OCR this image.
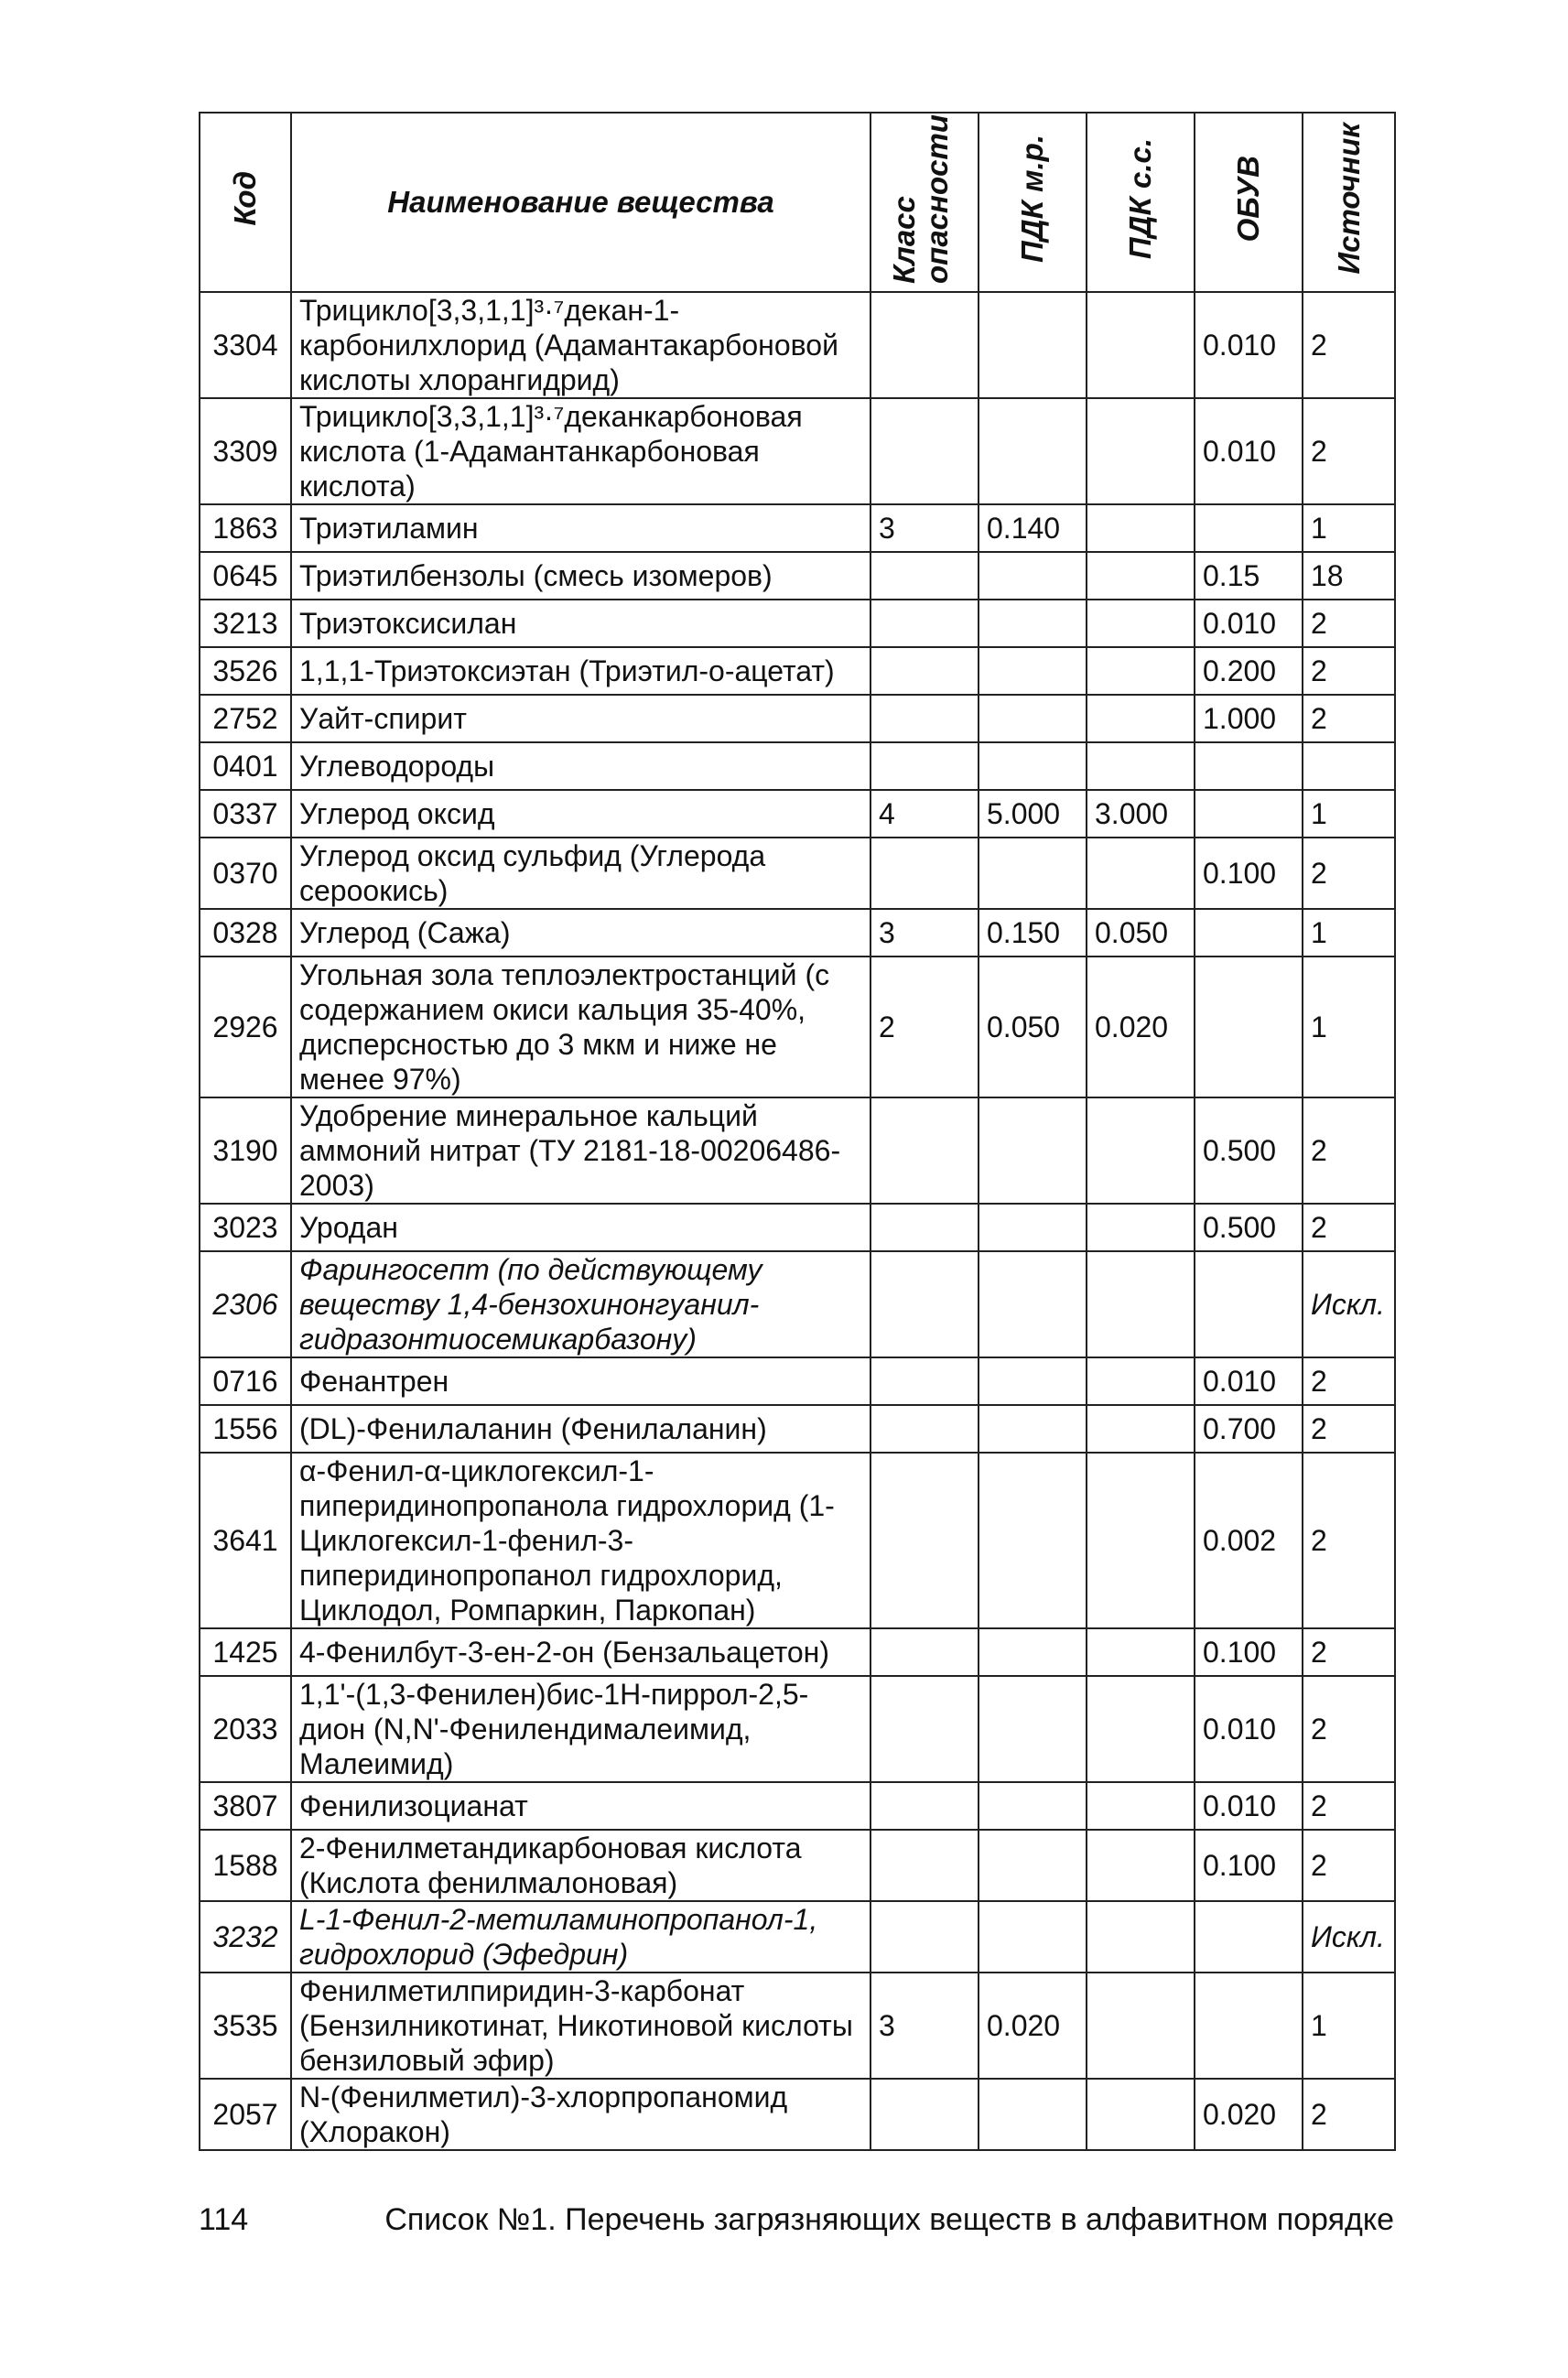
Код	Наименование вещества	Класс опасности	ПДК м.р.	ПДК с.с.	ОБУВ	Источник
3304	Трицикло[3,3,1,1]³·⁷декан-1-карбонилхлорид (Адамантакарбоновой кислоты хлорангидрид)				0.010	2
3309	Трицикло[3,3,1,1]³·⁷деканкарбоновая кислота (1-Адамантанкарбоновая кислота)				0.010	2
1863	Триэтиламин	3	0.140			1
0645	Триэтилбензолы (смесь изомеров)				0.15	18
3213	Триэтоксисилан				0.010	2
3526	1,1,1-Триэтоксиэтан (Триэтил-о-ацетат)				0.200	2
2752	Уайт-спирит				1.000	2
0401	Углеводороды					
0337	Углерод оксид	4	5.000	3.000		1
0370	Углерод оксид сульфид (Углерода сероокись)				0.100	2
0328	Углерод (Сажа)	3	0.150	0.050		1
2926	Угольная зола теплоэлектростанций (с содержанием окиси кальция 35-40%, дисперсностью до 3 мкм и ниже не менее 97%)	2	0.050	0.020		1
3190	Удобрение минеральное кальций аммоний нитрат (ТУ 2181-18-00206486-2003)				0.500	2
3023	Уродан				0.500	2
2306	Фарингосепт (по действующему веществу 1,4-бензохинонгуанил-гидразонтиосемикарбазону)					Искл.
0716	Фенантрен				0.010	2
1556	(DL)-Фенилаланин (Фенилаланин)				0.700	2
3641	α-Фенил-α-циклогексил-1-пиперидинопропанола гидрохлорид (1-Циклогексил-1-фенил-3-пиперидинопропанол гидрохлорид, Циклодол, Ромпаркин, Паркопан)				0.002	2
1425	4-Фенилбут-3-ен-2-он (Бензальацетон)				0.100	2
2033	1,1'-(1,3-Фенилен)бис-1Н-пиррол-2,5-дион (N,N'-Фенилендималеимид, Малеимид)				0.010	2
3807	Фенилизоцианат				0.010	2
1588	2-Фенилметандикарбоновая кислота (Кислота фенилмалоновая)				0.100	2
3232	L-1-Фенил-2-метиламинопропанол-1, гидрохлорид (Эфедрин)					Искл.
3535	Фенилметилпиридин-3-карбонат (Бензилникотинат, Никотиновой кислоты бензиловый эфир)	3	0.020			1
2057	N-(Фенилметил)-3-хлорпропаномид (Хлоракон)				0.020	2
114	Список №1. Перечень загрязняющих веществ в алфавитном порядке
